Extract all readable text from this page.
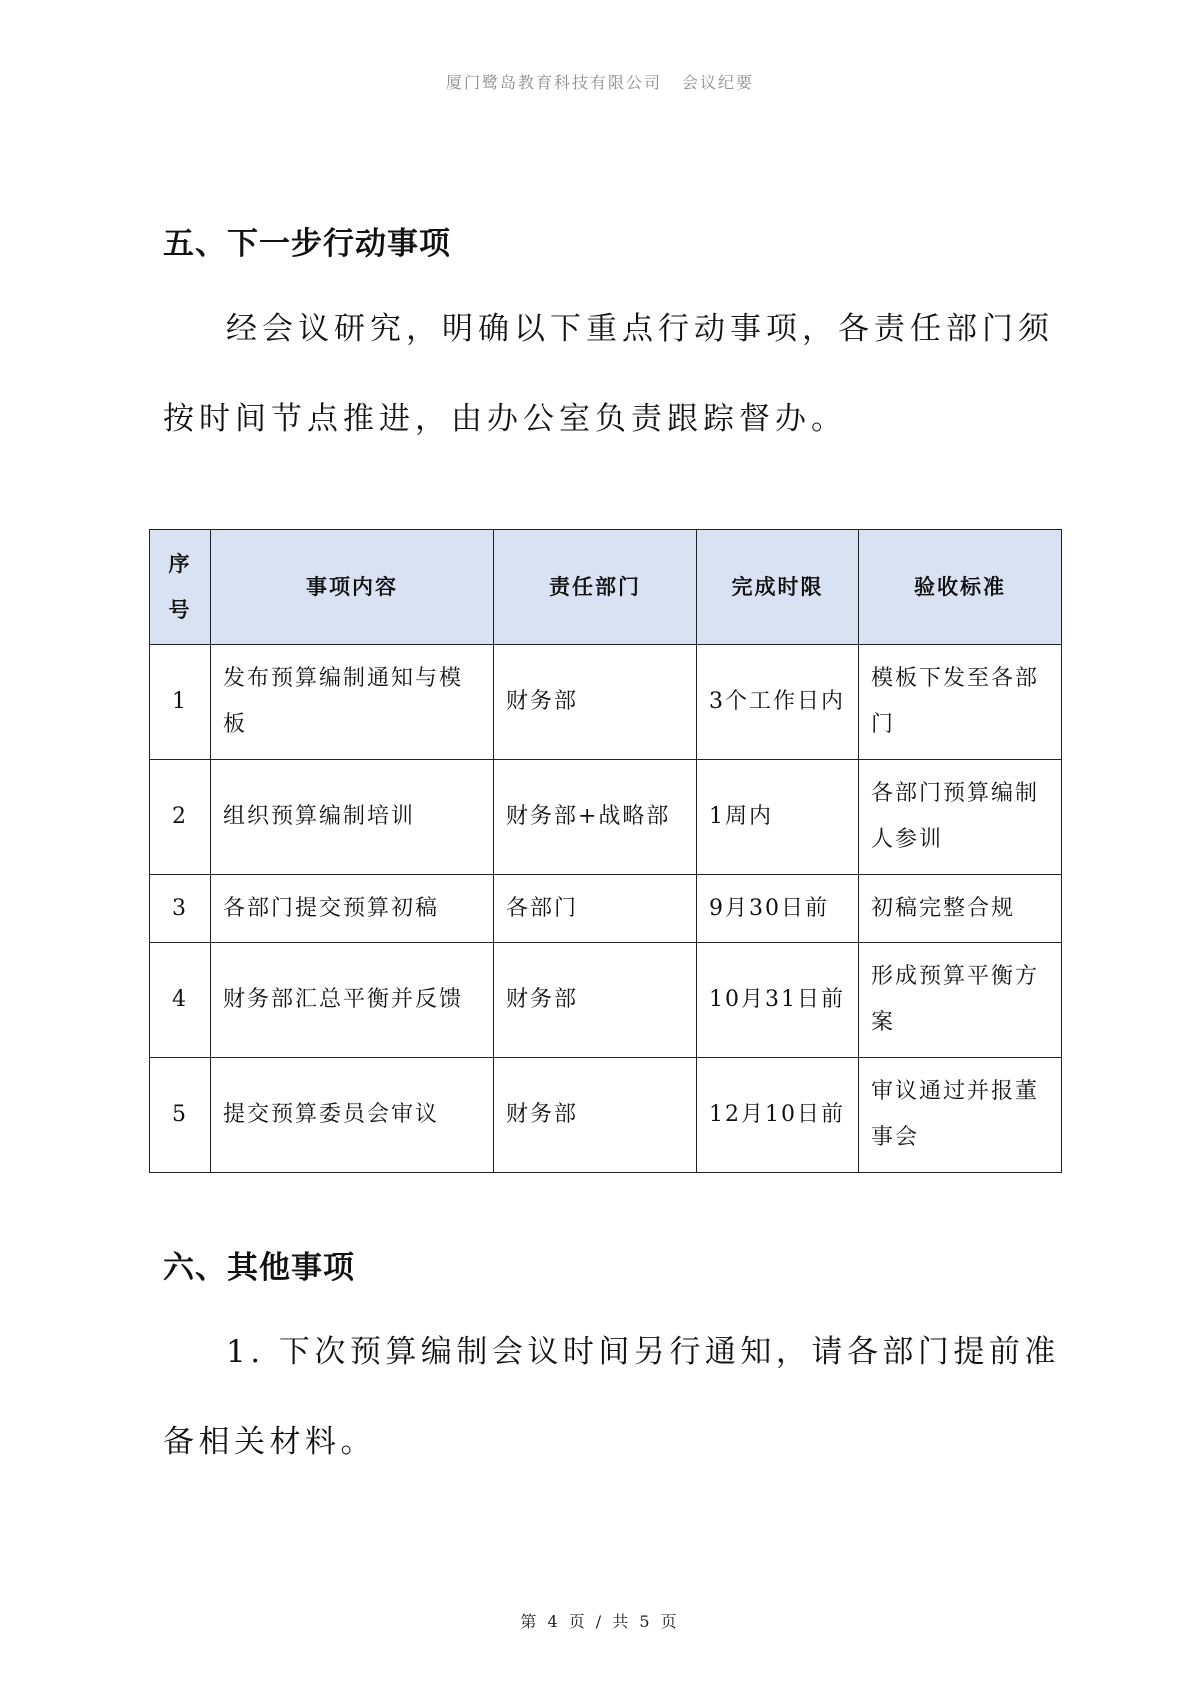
厦门鹭岛教育科技有限公司 会议纪要
五、下一步行动事项

经会议研究，明确以下重点行动事项，各责任部门须按时间节点推进，由办公室负责跟踪督办。

序号	事项内容	责任部门	完成时限	验收标准
1	发布预算编制通知与模板	财务部	3个工作日内	模板下发至各部门
2	组织预算编制培训	财务部+战略部	1周内	各部门预算编制人参训
3	各部门提交预算初稿	各部门	9月30日前	初稿完整合规
4	财务部汇总平衡并反馈	财务部	10月31日前	形成预算平衡方案
5	提交预算委员会审议	财务部	12月10日前	审议通过并报董事会
六、其他事项

1. 下次预算编制会议时间另行通知，请各部门提前准备相关材料。

第 4 页 / 共 5 页
